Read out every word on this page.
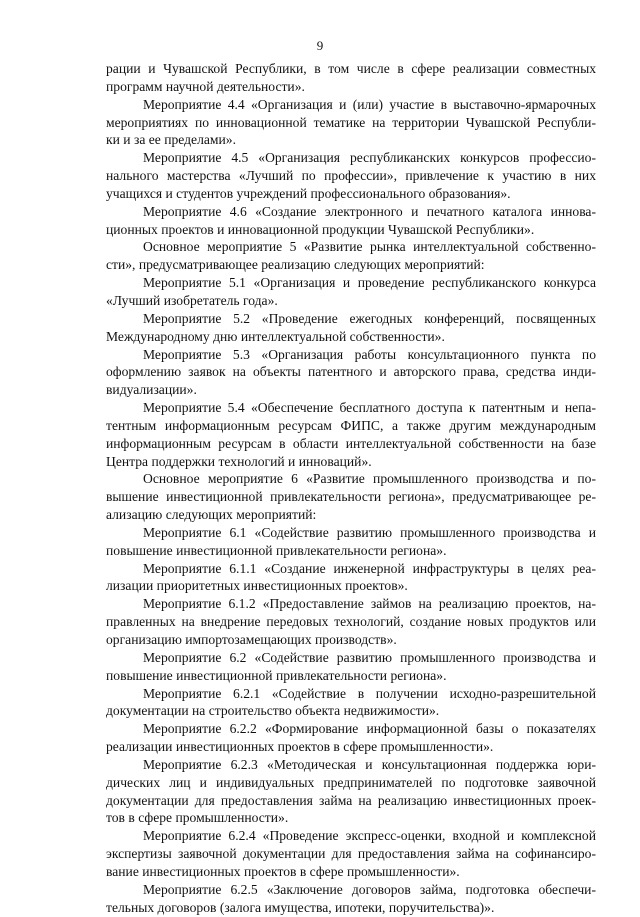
9
рации и Чувашской Республики, в том числе в сфере реализации совместных
программ научной деятельности».
Мероприятие 4.4 «Организация и (или) участие в выставочно-ярмарочных
мероприятиях по инновационной тематике на территории Чувашской Республи-
ки и за ее пределами».
Мероприятие 4.5 «Организация республиканских конкурсов профессио-
нального мастерства «Лучший по профессии», привлечение к участию в них
учащихся и студентов учреждений профессионального образования».
Мероприятие 4.6 «Создание электронного и печатного каталога иннова-
ционных проектов и инновационной продукции Чувашской Республики».
Основное мероприятие 5 «Развитие рынка интеллектуальной собственно-
сти», предусматривающее реализацию следующих мероприятий:
Мероприятие 5.1 «Организация и проведение республиканского конкурса
«Лучший изобретатель года».
Мероприятие 5.2 «Проведение ежегодных конференций, посвященных
Международному дню интеллектуальной собственности».
Мероприятие 5.3 «Организация работы консультационного пункта по
оформлению заявок на объекты патентного и авторского права, средства инди-
видуализации».
Мероприятие 5.4 «Обеспечение бесплатного доступа к патентным и непа-
тентным информационным ресурсам ФИПС, а также другим международным
информационным ресурсам в области интеллектуальной собственности на базе
Центра поддержки технологий и инноваций».
Основное мероприятие 6 «Развитие промышленного производства и по-
вышение инвестиционной привлекательности региона», предусматривающее ре-
ализацию следующих мероприятий:
Мероприятие 6.1 «Содействие развитию промышленного производства и
повышение инвестиционной привлекательности региона».
Мероприятие 6.1.1 «Создание инженерной инфраструктуры в целях реа-
лизации приоритетных инвестиционных проектов».
Мероприятие 6.1.2 «Предоставление займов на реализацию проектов, на-
правленных на внедрение передовых технологий, создание новых продуктов или
организацию импортозамещающих производств».
Мероприятие 6.2 «Содействие развитию промышленного производства и
повышение инвестиционной привлекательности региона».
Мероприятие 6.2.1 «Содействие в получении исходно-разрешительной
документации на строительство объекта недвижимости».
Мероприятие 6.2.2 «Формирование информационной базы о показателях
реализации инвестиционных проектов в сфере промышленности».
Мероприятие 6.2.3 «Методическая и консультационная поддержка юри-
дических лиц и индивидуальных предпринимателей по подготовке заявочной
документации для предоставления займа на реализацию инвестиционных проек-
тов в сфере промышленности».
Мероприятие 6.2.4 «Проведение экспресс-оценки, входной и комплексной
экспертизы заявочной документации для предоставления займа на софинансиро-
вание инвестиционных проектов в сфере промышленности».
Мероприятие 6.2.5 «Заключение договоров займа, подготовка обеспечи-
тельных договоров (залога имущества, ипотеки, поручительства)».
